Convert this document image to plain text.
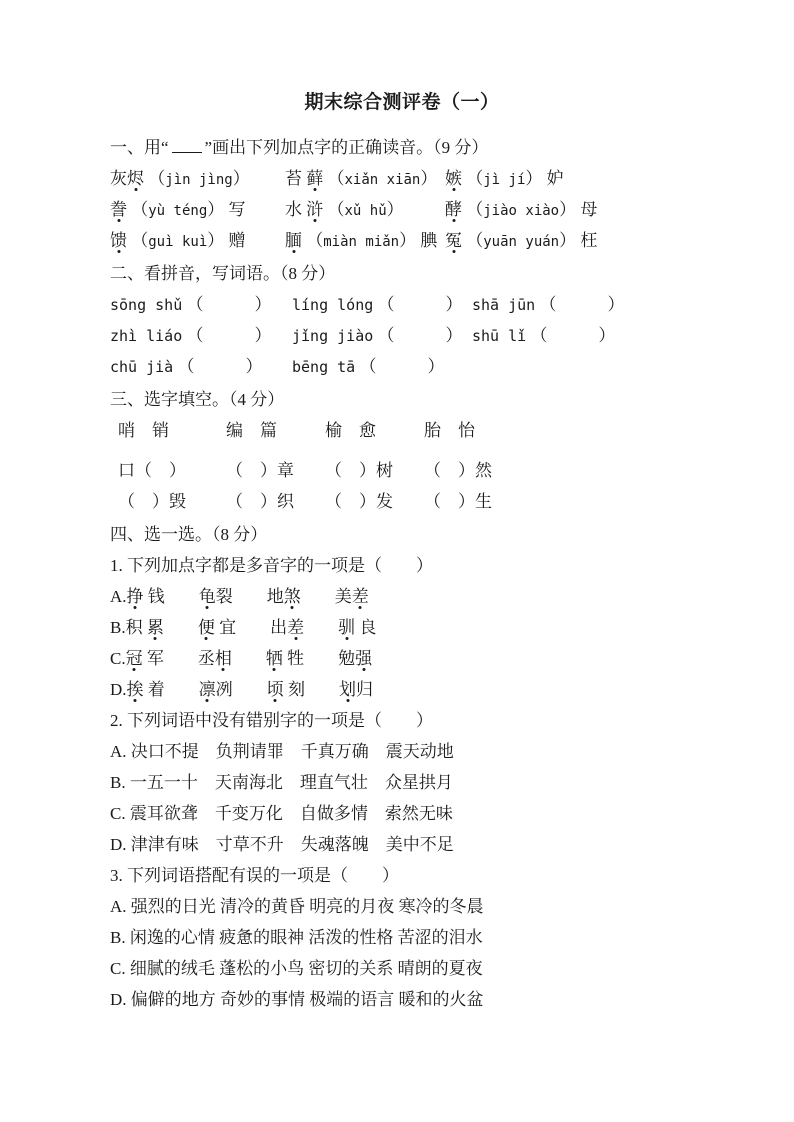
期末综合测评卷（一）
一、用“ ”画出下列加点字的正确读音。（9 分）
灰烬 （jìn jìng）	苔 藓 （xiǎn xiān） 嫉 （jì jí） 妒
誊 （yù téng） 写	水 浒 （xǔ hǔ）	酵 （jiào xiào） 母
馈 （guì kuì） 赠	腼 （miàn miǎn） 腆 冤 （yuān yuán） 枉
二、看拼音，写词语。（8 分）
sōng shǔ （　　　）	líng lóng （　　　） shā jūn （　　　）
zhì liáo （　　　）	jǐng jiào （　　　） shū lǐ （　　　）
chū jià （　　　）	bēng tā （　　　）
三、选字填空。（4 分）
哨　销	编　篇	榆　愈	胎　怡
口（　）	（　）章	（　）树	（　）然
（　）毁	（　）织	（　）发	（　）生
四、选一选。（8 分）
1. 下列加点字都是多音字的一项是（　　）
A.挣 钱　　龟裂　　地煞　　美差
B.积 累　　 便 宜　　出差　　 驯 良
C.冠 军　　丞相　　 牺 牲　　勉强
D.挨 着　　凛冽　　顷 刻　　划归
2. 下列词语中没有错别字的一项是（　　）
A. 决口不提　负荆请罪　千真万确　震天动地
B. 一五一十　天南海北　理直气壮　众星拱月
C. 震耳欲聋　千变万化　自做多情　索然无味
D. 津津有味　寸草不升　失魂落魄　美中不足
3. 下列词语搭配有误的一项是（　　）
A. 强烈的日光 清冷的黄昏 明亮的月夜 寒冷的冬晨
B. 闲逸的心情 疲惫的眼神 活泼的性格 苦涩的泪水
C. 细腻的绒毛 蓬松的小鸟 密切的关系 晴朗的夏夜
D. 偏僻的地方 奇妙的事情 极端的语言 暖和的火盆
